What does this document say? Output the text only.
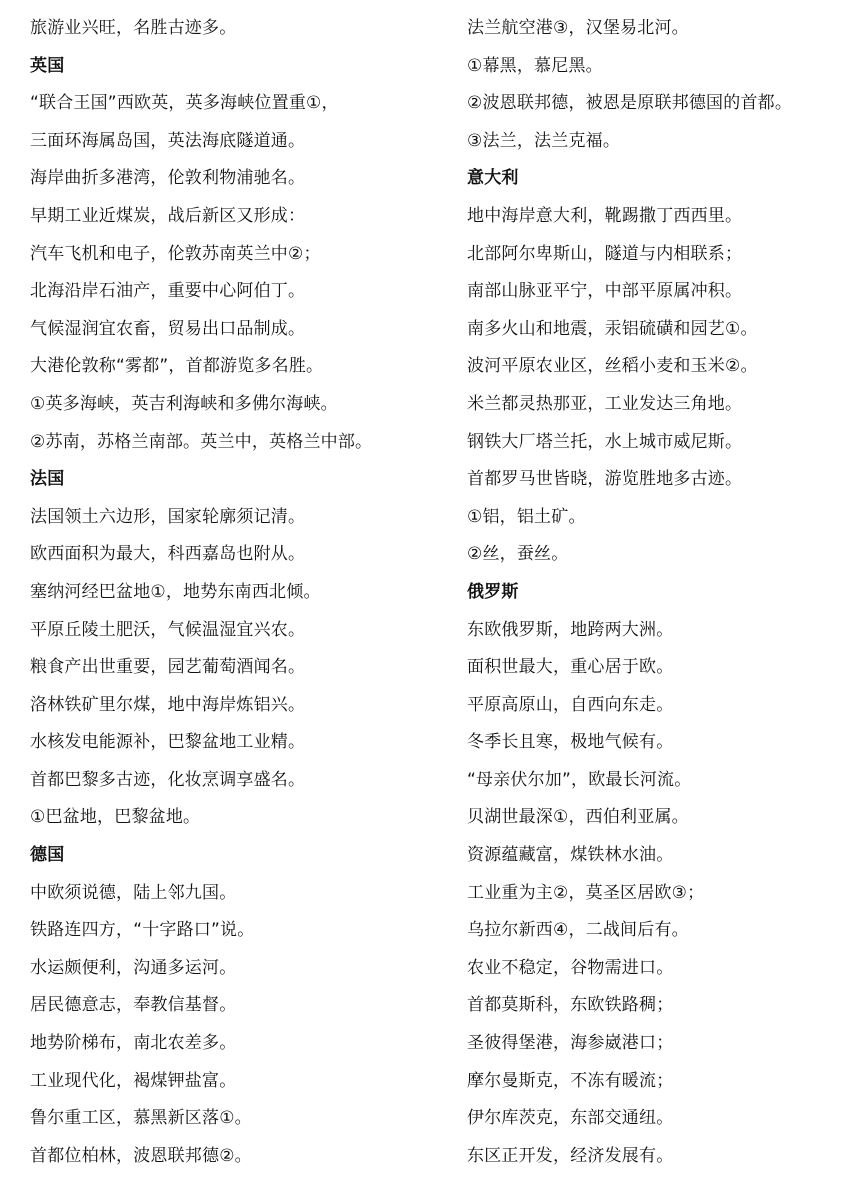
旅游业兴旺，名胜古迹多。
英国
“联合王国”西欧英，英多海峡位置重①，
三面环海属岛国，英法海底隧道通。
海岸曲折多港湾，伦敦利物浦驰名。
早期工业近煤炭，战后新区又形成：
汽车飞机和电子，伦敦苏南英兰中②；
北海沿岸石油产，重要中心阿伯丁。
气候湿润宜农畜，贸易出口品制成。
大港伦敦称“雾都”，首都游览多名胜。
①英多海峡，英吉利海峡和多佛尔海峡。
②苏南，苏格兰南部。英兰中，英格兰中部。
法国
法国领土六边形，国家轮廓须记清。
欧西面积为最大，科西嘉岛也附从。
塞纳河经巴盆地①，地势东南西北倾。
平原丘陵土肥沃，气候温湿宜兴农。
粮食产出世重要，园艺葡萄酒闻名。
洛林铁矿里尔煤，地中海岸炼铝兴。
水核发电能源补，巴黎盆地工业精。
首都巴黎多古迹，化妆烹调享盛名。
①巴盆地，巴黎盆地。
德国
中欧须说德，陆上邻九国。
铁路连四方，“十字路口”说。
水运颇便利，沟通多运河。
居民德意志，奉教信基督。
地势阶梯布，南北农差多。
工业现代化，褐煤钾盐富。
鲁尔重工区，慕黑新区落①。
首都位柏林，波恩联邦德②。
法兰航空港③，汉堡易北河。
①幕黑，慕尼黑。
②波恩联邦德，被恩是原联邦德国的首都。
③法兰，法兰克福。
意大利
地中海岸意大利，靴踢撒丁西西里。
北部阿尔卑斯山，隧道与内相联系；
南部山脉亚平宁，中部平原属冲积。
南多火山和地震，汞铝硫磺和园艺①。
波河平原农业区，丝稻小麦和玉米②。
米兰都灵热那亚，工业发达三角地。
钢铁大厂塔兰托，水上城市威尼斯。
首都罗马世皆晓，游览胜地多古迹。
①铝，铝土矿。
②丝，蚕丝。
俄罗斯
东欧俄罗斯，地跨两大洲。
面积世最大，重心居于欧。
平原高原山，自西向东走。
冬季长且寒，极地气候有。
“母亲伏尔加”，欧最长河流。
贝湖世最深①，西伯利亚属。
资源蕴藏富，煤铁林水油。
工业重为主②，莫圣区居欧③；
乌拉尔新西④，二战间后有。
农业不稳定，谷物需进口。
首都莫斯科，东欧铁路稠；
圣彼得堡港，海参崴港口；
摩尔曼斯克，不冻有暖流；
伊尔库茨克，东部交通纽。
东区正开发，经济发展有。
